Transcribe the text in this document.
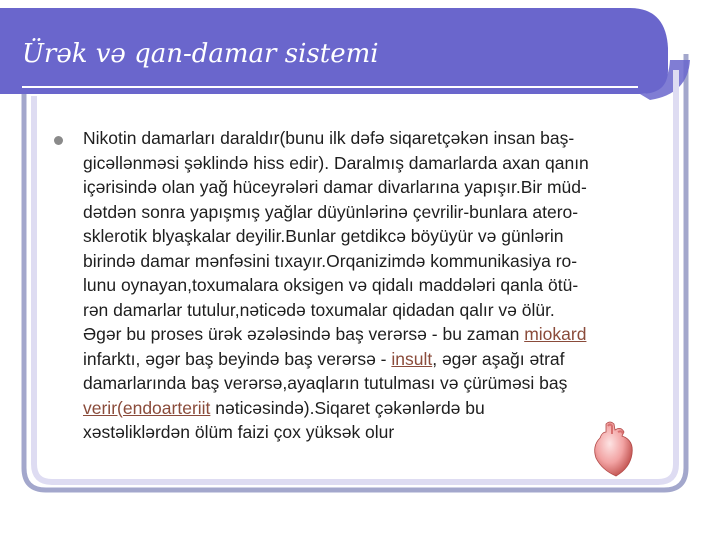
Ürək və qan-damar sistemi
Nikotin damarları daraldır(bunu ilk dəfə siqaretçəkən insan baş-
gicəllənməsi şəklində hiss edir). Daralmış damarlarda axan qanın
içərisində olan yağ hüceyrələri damar divarlarına yapışır.Bir müd-
dətdən sonra yapışmış yağlar düyünlərinə çevrilir-bunlara atero-
sklerotik blyaşkalar deyilir.Bunlar getdikcə böyüyür və günlərin
birində damar mənfəsini tıxayır.Orqanizimdə kommunikasiya ro-
lunu oynayan,toxumalara oksigen və qidalı maddələri qanla ötü-
rən damarlar tutulur,nəticədə toxumalar qidadan qalır və ölür.
Əgər bu proses ürək əzələsində baş verərsə - bu zaman miokard
infarktı, əgər baş beyində baş verərsə - insult, əgər aşağı ətraf
damarlarında baş verərsə,ayaqların tutulması və çürüməsi baş
verir(endoarteriit nəticəsində).Siqaret çəkənlərdə bu
xəstəliklərdən ölüm faizi çox yüksək olur
